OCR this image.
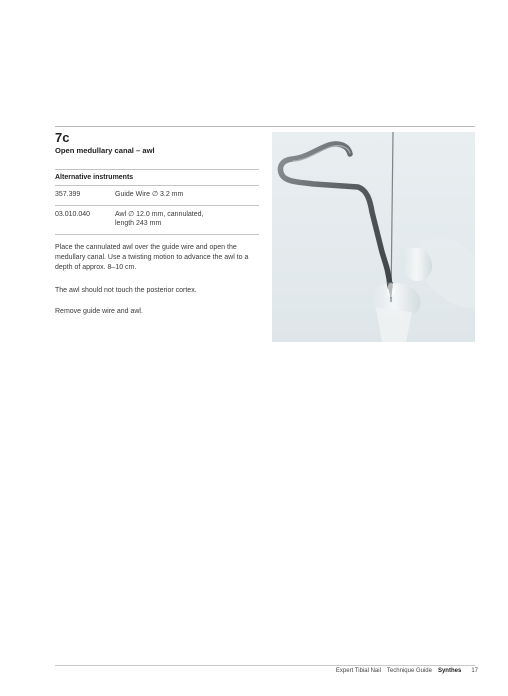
7c
Open medullary canal – awl
Alternative instruments
357.399	Guide Wire ∅ 3.2 mm
03.010.040	Awl ∅ 12.0 mm, cannulated,
length 243 mm

Place the cannulated awl over the guide wire and open the medullary canal. Use a twisting motion to advance the awl to a depth of approx. 8–10 cm.

The awl should not touch the posterior cortex.

Remove guide wire and awl.

Expert Tibial Nail Technique Guide Synthes 17
